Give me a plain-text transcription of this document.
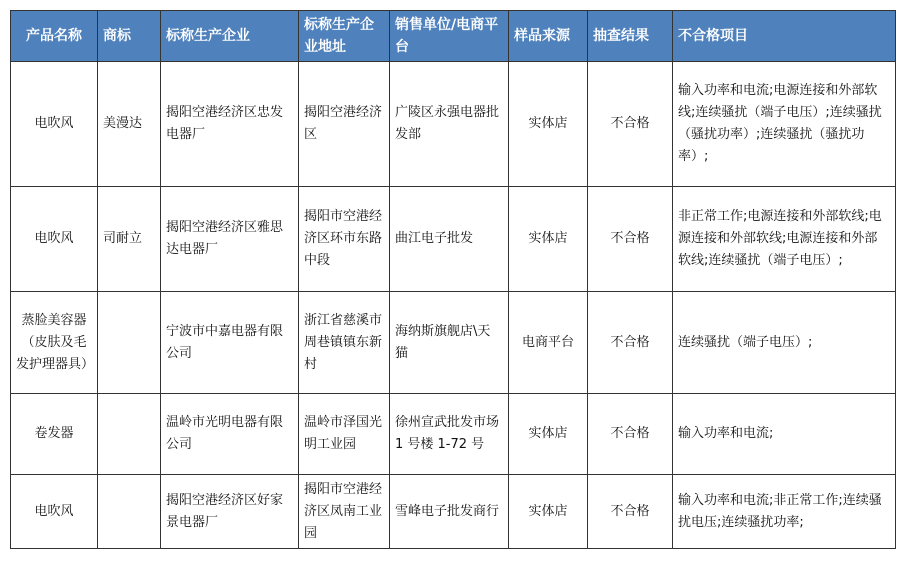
产品名称	商标	标称生产企业	标称生产企业地址	销售单位/电商平台	样品来源	抽查结果	不合格项目
电吹风	美漫达	揭阳空港经济区忠发电器厂	揭阳空港经济区	广陵区永强电器批发部	实体店	不合格	输入功率和电流;电源连接和外部软线;连续骚扰（端子电压）;连续骚扰（骚扰功率）;连续骚扰（骚扰功率）;
电吹风	司耐立	揭阳空港经济区雅思达电器厂	揭阳市空港经济区环市东路中段	曲江电子批发	实体店	不合格	非正常工作;电源连接和外部软线;电源连接和外部软线;电源连接和外部软线;连续骚扰（端子电压）;
蒸脸美容器（皮肤及毛发护理器具）		宁波市中嘉电器有限公司	浙江省慈溪市周巷镇镇东新村	海纳斯旗舰店\天猫	电商平台	不合格	连续骚扰（端子电压）;
卷发器		温岭市光明电器有限公司	温岭市泽国光明工业园	徐州宣武批发市场 1 号楼 1-72 号	实体店	不合格	输入功率和电流;
电吹风		揭阳空港经济区好家景电器厂	揭阳市空港经济区凤南工业园	雪峰电子批发商行	实体店	不合格	输入功率和电流;非正常工作;连续骚扰电压;连续骚扰功率;
